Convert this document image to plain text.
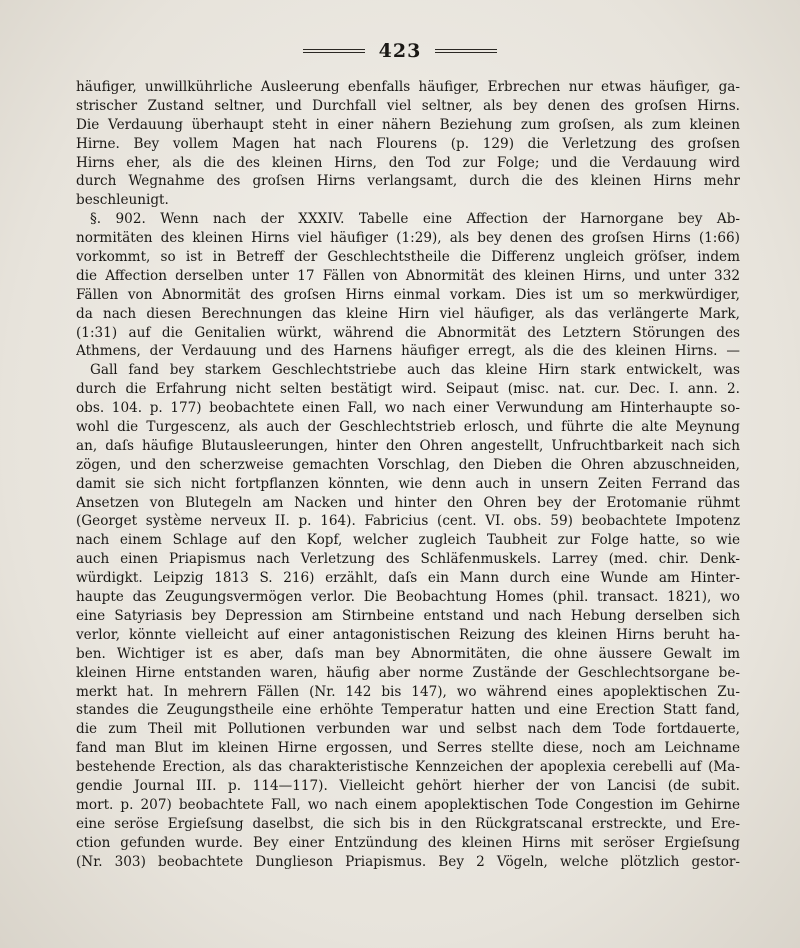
423
häufiger, unwillkührliche Ausleerung ebenfalls häufiger, Erbrechen nur etwas häufiger, ga-
strischer Zustand seltner, und Durchfall viel seltner, als bey denen des groſsen Hirns.
Die Verdauung überhaupt steht in einer nähern Beziehung zum groſsen, als zum kleinen
Hirne. Bey vollem Magen hat nach Flourens (p. 129) die Verletzung des groſsen
Hirns eher, als die des kleinen Hirns, den Tod zur Folge; und die Verdauung wird
durch Wegnahme des groſsen Hirns verlangsamt, durch die des kleinen Hirns mehr
beschleunigt.
§. 902. Wenn nach der XXXIV. Tabelle eine Affection der Harnorgane bey Ab-
normitäten des kleinen Hirns viel häufiger (1:29), als bey denen des groſsen Hirns (1:66)
vorkommt, so ist in Betreff der Geschlechtstheile die Differenz ungleich gröſser, indem
die Affection derselben unter 17 Fällen von Abnormität des kleinen Hirns, und unter 332
Fällen von Abnormität des groſsen Hirns einmal vorkam. Dies ist um so merkwürdiger,
da nach diesen Berechnungen das kleine Hirn viel häufiger, als das verlängerte Mark,
(1:31) auf die Genitalien würkt, während die Abnormität des Letztern Störungen des
Athmens, der Verdauung und des Harnens häufiger erregt, als die des kleinen Hirns. —
Gall fand bey starkem Geschlechtstriebe auch das kleine Hirn stark entwickelt, was
durch die Erfahrung nicht selten bestätigt wird. Seipaut (misc. nat. cur. Dec. I. ann. 2.
obs. 104. p. 177) beobachtete einen Fall, wo nach einer Verwundung am Hinterhaupte so-
wohl die Turgescenz, als auch der Geschlechtstrieb erlosch, und führte die alte Meynung
an, daſs häufige Blutausleerungen, hinter den Ohren angestellt, Unfruchtbarkeit nach sich
zögen, und den scherzweise gemachten Vorschlag, den Dieben die Ohren abzuschneiden,
damit sie sich nicht fortpflanzen könnten, wie denn auch in unsern Zeiten Ferrand das
Ansetzen von Blutegeln am Nacken und hinter den Ohren bey der Erotomanie rühmt
(Georget système nerveux II. p. 164). Fabricius (cent. VI. obs. 59) beobachtete Impotenz
nach einem Schlage auf den Kopf, welcher zugleich Taubheit zur Folge hatte, so wie
auch einen Priapismus nach Verletzung des Schläfenmuskels. Larrey (med. chir. Denk-
würdigkt. Leipzig 1813 S. 216) erzählt, daſs ein Mann durch eine Wunde am Hinter-
haupte das Zeugungsvermögen verlor. Die Beobachtung Homes (phil. transact. 1821), wo
eine Satyriasis bey Depression am Stirnbeine entstand und nach Hebung derselben sich
verlor, könnte vielleicht auf einer antagonistischen Reizung des kleinen Hirns beruht ha-
ben. Wichtiger ist es aber, daſs man bey Abnormitäten, die ohne äussere Gewalt im
kleinen Hirne entstanden waren, häufig aber norme Zustände der Geschlechtsorgane be-
merkt hat. In mehrern Fällen (Nr. 142 bis 147), wo während eines apoplektischen Zu-
standes die Zeugungstheile eine erhöhte Temperatur hatten und eine Erection Statt fand,
die zum Theil mit Pollutionen verbunden war und selbst nach dem Tode fortdauerte,
fand man Blut im kleinen Hirne ergossen, und Serres stellte diese, noch am Leichname
bestehende Erection, als das charakteristische Kennzeichen der apoplexia cerebelli auf (Ma-
gendie Journal III. p. 114—117). Vielleicht gehört hierher der von Lancisi (de subit.
mort. p. 207) beobachtete Fall, wo nach einem apoplektischen Tode Congestion im Gehirne
eine seröse Ergieſsung daselbst, die sich bis in den Rückgratscanal erstreckte, und Ere-
ction gefunden wurde. Bey einer Entzündung des kleinen Hirns mit seröser Ergieſsung
(Nr. 303) beobachtete Dunglieson Priapismus. Bey 2 Vögeln, welche plötzlich gestor-
